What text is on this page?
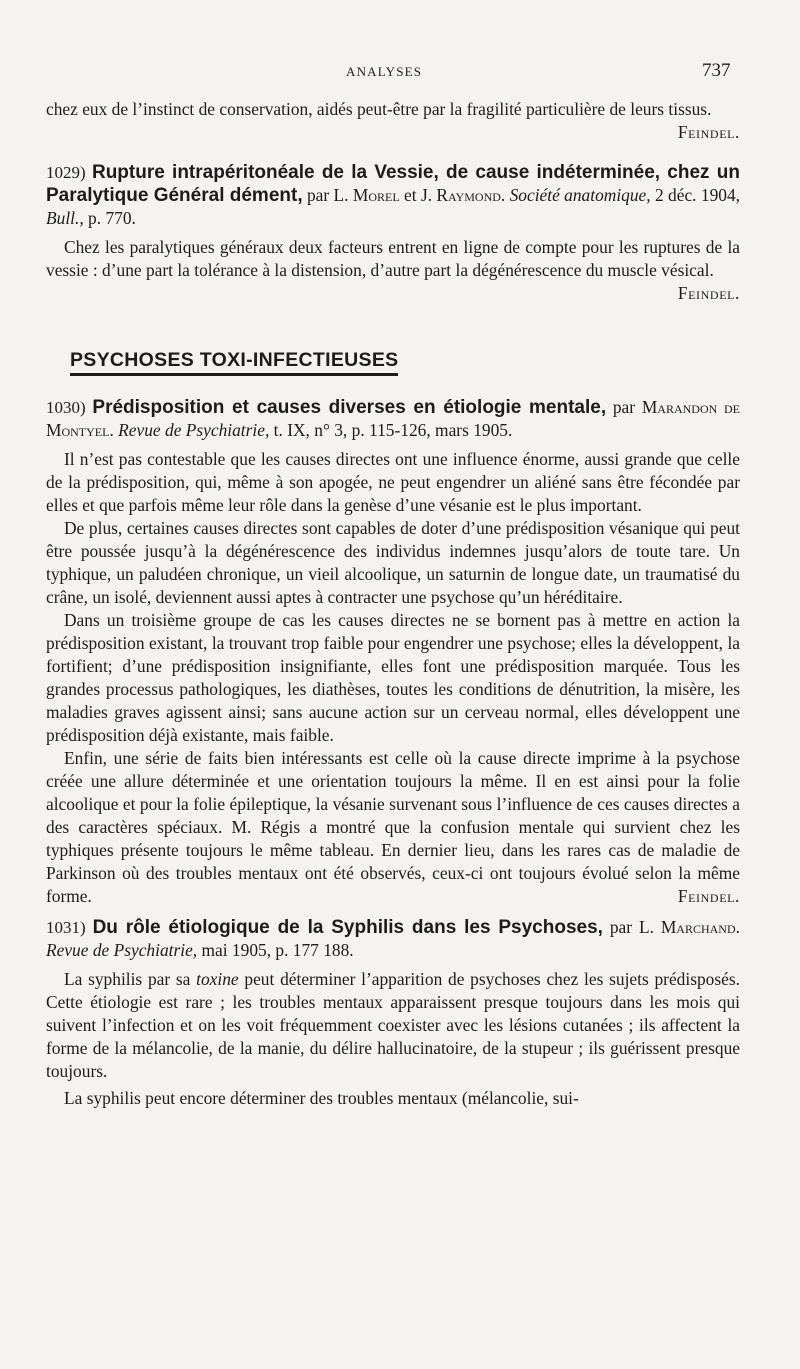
ANALYSES	737

chez eux de l’instinct de conservation, aidés peut-être par la fragilité particulière de leurs tissus.
Feindel.

1029) Rupture intrapéritonéale de la Vessie, de cause indéterminée, chez un Paralytique Général dément, par L. Morel et J. Raymond. Société anatomique, 2 déc. 1904, Bull., p. 770.

Chez les paralytiques généraux deux facteurs entrent en ligne de compte pour les ruptures de la vessie : d’une part la tolérance à la distension, d’autre part la dégénérescence du muscle vésical.
Feindel.

PSYCHOSES TOXI-INFECTIEUSES

1030) Prédisposition et causes diverses en étiologie mentale, par Marandon de Montyel. Revue de Psychiatrie, t. IX, n° 3, p. 115-126, mars 1905.

Il n’est pas contestable que les causes directes ont une influence énorme, aussi grande que celle de la prédisposition, qui, même à son apogée, ne peut engendrer un aliéné sans être fécondée par elles et que parfois même leur rôle dans la genèse d’une vésanie est le plus important.

De plus, certaines causes directes sont capables de doter d’une prédisposition vésanique qui peut être poussée jusqu’à la dégénérescence des individus indemnes jusqu’alors de toute tare. Un typhique, un paludéen chronique, un vieil alcoolique, un saturnin de longue date, un traumatisé du crâne, un isolé, deviennent aussi aptes à contracter une psychose qu’un héréditaire.

Dans un troisième groupe de cas les causes directes ne se bornent pas à mettre en action la prédisposition existant, la trouvant trop faible pour engendrer une psychose; elles la développent, la fortifient; d’une prédisposition insignifiante, elles font une prédisposition marquée. Tous les grandes processus pathologiques, les diathèses, toutes les conditions de dénutrition, la misère, les maladies graves agissent ainsi; sans aucune action sur un cerveau normal, elles développent une prédisposition déjà existante, mais faible.

Enfin, une série de faits bien intéressants est celle où la cause directe imprime à la psychose créée une allure déterminée et une orientation toujours la même. Il en est ainsi pour la folie alcoolique et pour la folie épileptique, la vésanie survenant sous l’influence de ces causes directes a des caractères spéciaux. M. Régis a montré que la confusion mentale qui survient chez les typhiques présente toujours le même tableau. En dernier lieu, dans les rares cas de maladie de Parkinson où des troubles mentaux ont été observés, ceux-ci ont toujours évolué selon la même forme.	Feindel.

1031) Du rôle étiologique de la Syphilis dans les Psychoses, par L. Marchand. Revue de Psychiatrie, mai 1905, p. 177 188.

La syphilis par sa toxine peut déterminer l’apparition de psychoses chez les sujets prédisposés. Cette étiologie est rare ; les troubles mentaux apparaissent presque toujours dans les mois qui suivent l’infection et on les voit fréquemment coexister avec les lésions cutanées ; ils affectent la forme de la mélancolie, de la manie, du délire hallucinatoire, de la stupeur ; ils guérissent presque toujours.

La syphilis peut encore déterminer des troubles mentaux (mélancolie, sui-
